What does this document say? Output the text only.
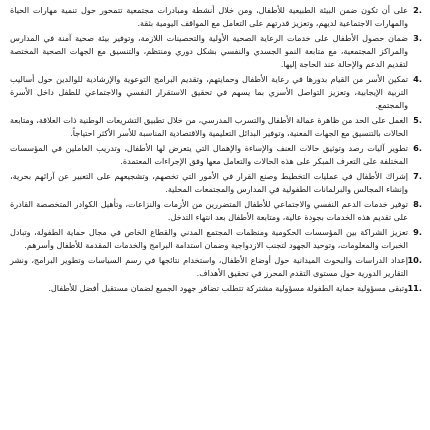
.2
على أن تكون ضمن البيئة الطبيعية للأطفال، ومن خلال أنشطة ومبادرات مجتمعية تتمحور حول تنمية مهارات الحياة والمهارات الاجتماعية لديهم، وتعزيز قدرتهم على التعامل مع المواقف اليومية بثقة.
.3
ضمان حصول الأطفال على خدمات الرعاية الصحية الأولية والتحصينات اللازمة، وتوفير بيئة صحية آمنة في المدارس والمراكز المجتمعية، مع متابعة النمو الجسدي والنفسي بشكل دوري ومنتظم، والتنسيق مع الجهات الصحية المختصة لتقديم الدعم والإحالة عند الحاجة إليها.
.4
تمكين الأسر من القيام بدورها في رعاية الأطفال وحمايتهم، وتقديم البرامج التوعوية والإرشادية للوالدين حول أساليب التربية الإيجابية، وتعزيز التواصل الأسري بما يسهم في تحقيق الاستقرار النفسي والاجتماعي للطفل داخل الأسرة والمجتمع.
.5
العمل على الحد من ظاهرة عمالة الأطفال والتسرب المدرسي، من خلال تطبيق التشريعات الوطنية ذات العلاقة، ومتابعة الحالات بالتنسيق مع الجهات المعنية، وتوفير البدائل التعليمية والاقتصادية المناسبة للأسر الأكثر احتياجاً.
.6
تطوير آليات رصد وتوثيق حالات العنف والإساءة والإهمال التي يتعرض لها الأطفال، وتدريب العاملين في المؤسسات المختلفة على التعرف المبكر على هذه الحالات والتعامل معها وفق الإجراءات المعتمدة.
.7
إشراك الأطفال في عمليات التخطيط وصنع القرار في الأمور التي تخصهم، وتشجيعهم على التعبير عن آرائهم بحرية، وإنشاء المجالس والبرلمانات الطفولية في المدارس والمجتمعات المحلية.
.8
توفير خدمات الدعم النفسي والاجتماعي للأطفال المتضررين من الأزمات والنزاعات، وتأهيل الكوادر المتخصصة القادرة على تقديم هذه الخدمات بجودة عالية، ومتابعة الأطفال بعد انتهاء التدخل.
.9
تعزيز الشراكة بين المؤسسات الحكومية ومنظمات المجتمع المدني والقطاع الخاص في مجال حماية الطفولة، وتبادل الخبرات والمعلومات، وتوحيد الجهود لتجنب الازدواجية وضمان استدامة البرامج والخدمات المقدمة للأطفال وأسرهم.
.10
إعداد الدراسات والبحوث الميدانية حول أوضاع الأطفال، واستخدام نتائجها في رسم السياسات وتطوير البرامج، ونشر التقارير الدورية حول مستوى التقدم المحرز في تحقيق الأهداف.
.11
وتبقى مسؤولية حماية الطفولة مسؤولية مشتركة تتطلب تضافر جهود الجميع لضمان مستقبل أفضل للأطفال.
